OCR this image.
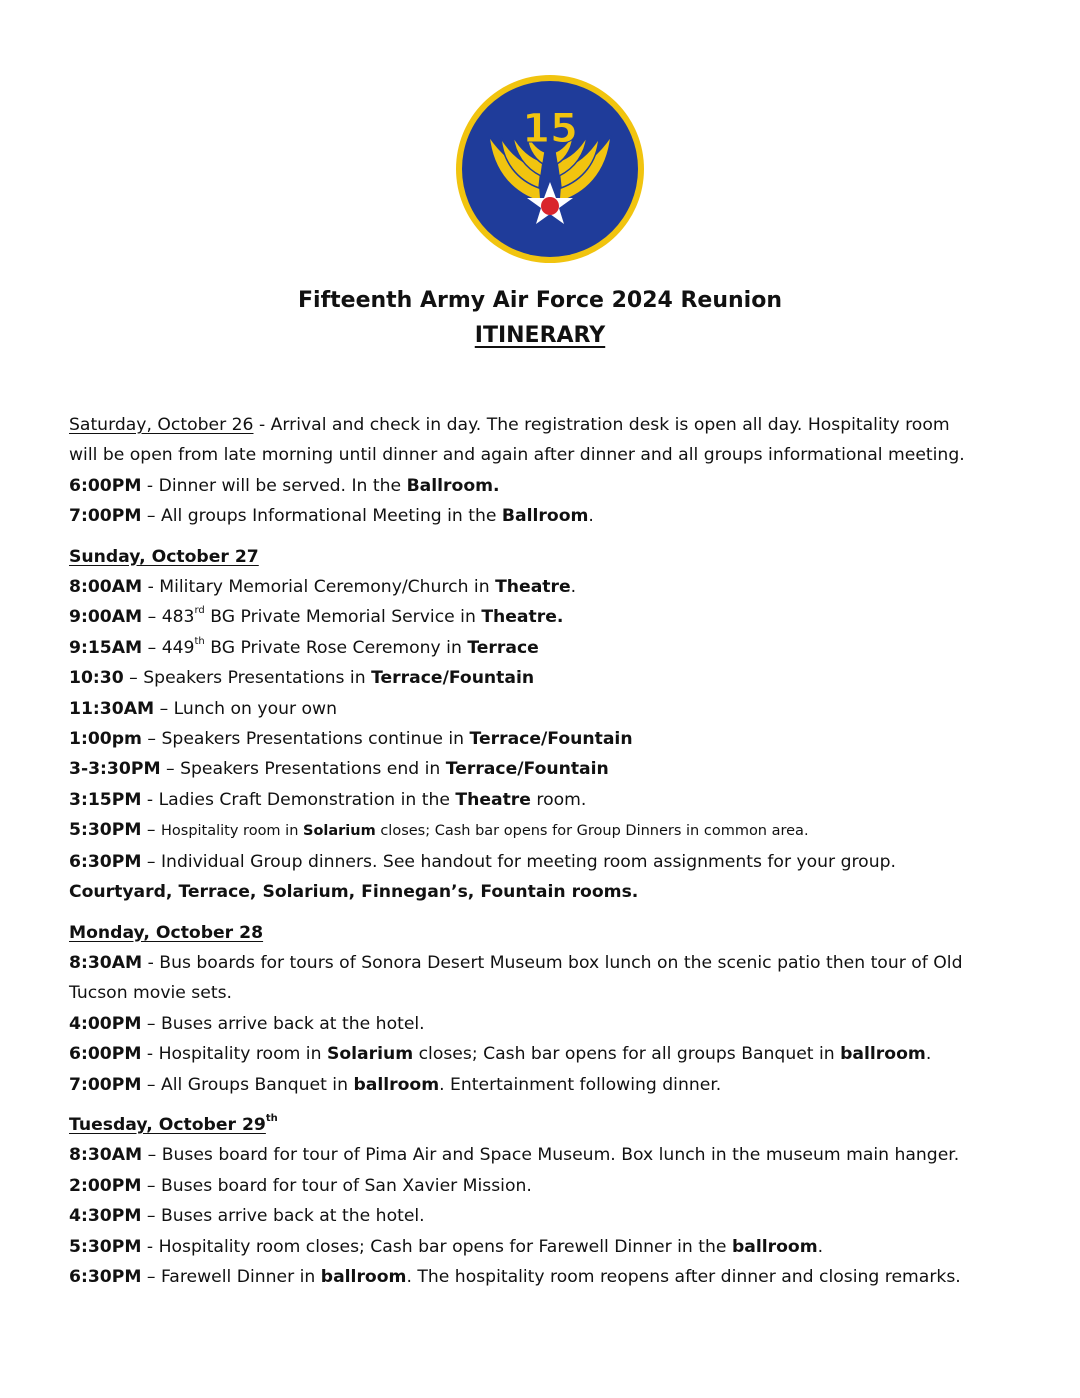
15
Fifteenth Army Air Force 2024 Reunion
ITINERARY
Saturday, October 26 - Arrival and check in day. The registration desk is open all day. Hospitality room will be open from late morning until dinner and again after dinner and all groups informational meeting.
6:00PM - Dinner will be served. In the Ballroom.
7:00PM – All groups Informational Meeting in the Ballroom.
Sunday, October 27
8:00AM - Military Memorial Ceremony/Church in Theatre.
9:00AM – 483rd BG Private Memorial Service in Theatre.
9:15AM – 449th BG Private Rose Ceremony in Terrace
10:30 – Speakers Presentations in Terrace/Fountain
11:30AM – Lunch on your own
1:00pm – Speakers Presentations continue in Terrace/Fountain
3-3:30PM – Speakers Presentations end in Terrace/Fountain
3:15PM - Ladies Craft Demonstration in the Theatre room.
5:30PM – Hospitality room in Solarium closes; Cash bar opens for Group Dinners in common area.
6:30PM – Individual Group dinners. See handout for meeting room assignments for your group.
Courtyard, Terrace, Solarium, Finnegan’s, Fountain rooms.
Monday, October 28
8:30AM - Bus boards for tours of Sonora Desert Museum box lunch on the scenic patio then tour of Old Tucson movie sets.
4:00PM – Buses arrive back at the hotel.
6:00PM - Hospitality room in Solarium closes; Cash bar opens for all groups Banquet in ballroom.
7:00PM – All Groups Banquet in ballroom. Entertainment following dinner.
Tuesday, October 29th
8:30AM – Buses board for tour of Pima Air and Space Museum. Box lunch in the museum main hanger.
2:00PM – Buses board for tour of San Xavier Mission.
4:30PM – Buses arrive back at the hotel.
5:30PM - Hospitality room closes; Cash bar opens for Farewell Dinner in the ballroom.
6:30PM – Farewell Dinner in ballroom. The hospitality room reopens after dinner and closing remarks.
